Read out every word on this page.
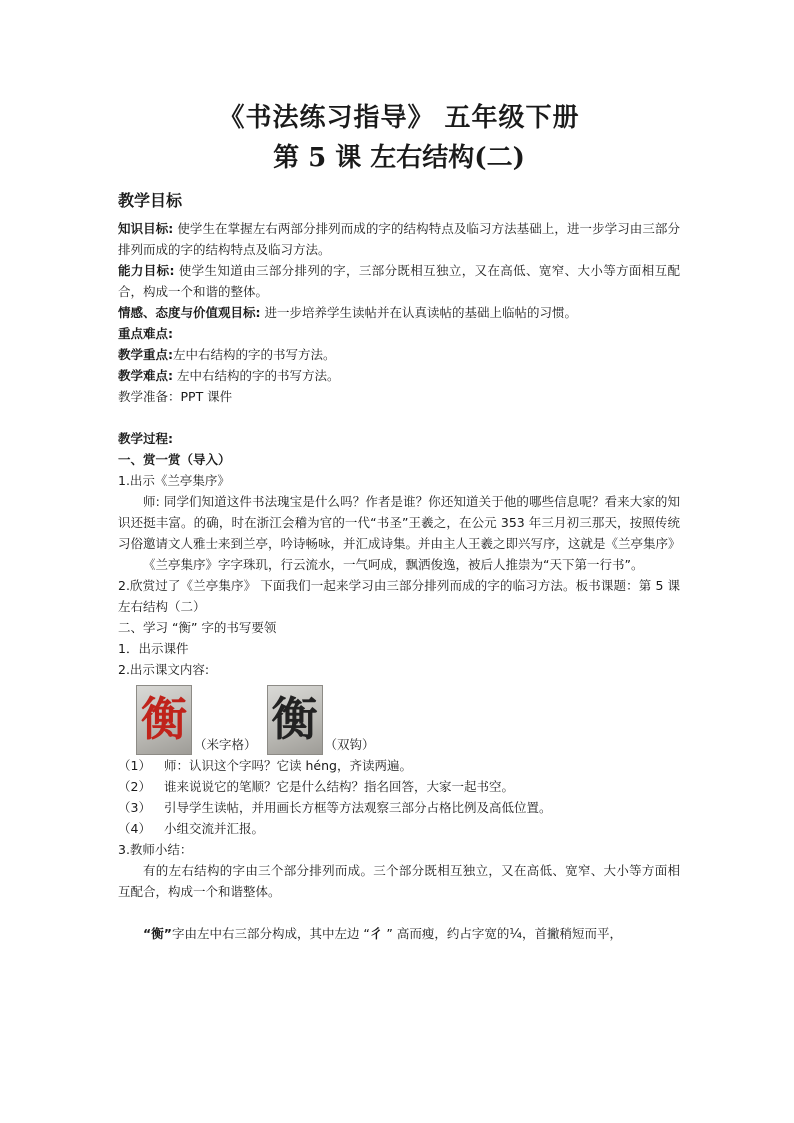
《书法练习指导》 五年级下册
第 5 课 左右结构(二)
教学目标

知识目标: 使学生在掌握左右两部分排列而成的字的结构特点及临习方法基础上，进一步学习由三部分排列而成的字的结构特点及临习方法。

能力目标: 使学生知道由三部分排列的字，三部分既相互独立，又在高低、宽窄、大小等方面相互配合，构成一个和谐的整体。

情感、态度与价值观目标: 进一步培养学生读帖并在认真读帖的基础上临帖的习惯。

重点难点:

教学重点:左中右结构的字的书写方法。

教学难点: 左中右结构的字的书写方法。

教学准备：PPT 课件

教学过程:

一、赏一赏（导入）

1.出示《兰亭集序》

师: 同学们知道这件书法瑰宝是什么吗？作者是谁？你还知道关于他的哪些信息呢？看来大家的知识还挺丰富。的确，时在浙江会稽为官的一代“书圣”王羲之，在公元 353 年三月初三那天，按照传统习俗邀请文人雅士来到兰亭，吟诗畅咏，并汇成诗集。并由主人王羲之即兴写序，这就是《兰亭集序》

《兰亭集序》字字珠玑，行云流水，一气呵成，飘洒俊逸，被后人推崇为“天下第一行书”。

2.欣赏过了《兰亭集序》 下面我们一起来学习由三部分排列而成的字的临习方法。板书课题：第 5 课左右结构（二）

二、学习 “衡” 字的书写要领

1．出示课件

2.出示课文内容:

衡 （米字格） 衡 （双钩）
（1）	师：认识这个字吗？它读 héng，齐读两遍。
（2）	谁来说说它的笔顺？它是什么结构？指名回答，大家一起书空。
（3）	引导学生读帖，并用画长方框等方法观察三部分占格比例及高低位置。
（4）	小组交流并汇报。

3.教师小结：

有的左右结构的字由三个部分排列而成。三个部分既相互独立，又在高低、宽窄、大小等方面相互配合，构成一个和谐整体。

“衡”字由左中右三部分构成，其中左边 “彳 ” 高而瘦，约占字宽的¼，首撇稍短而平，
